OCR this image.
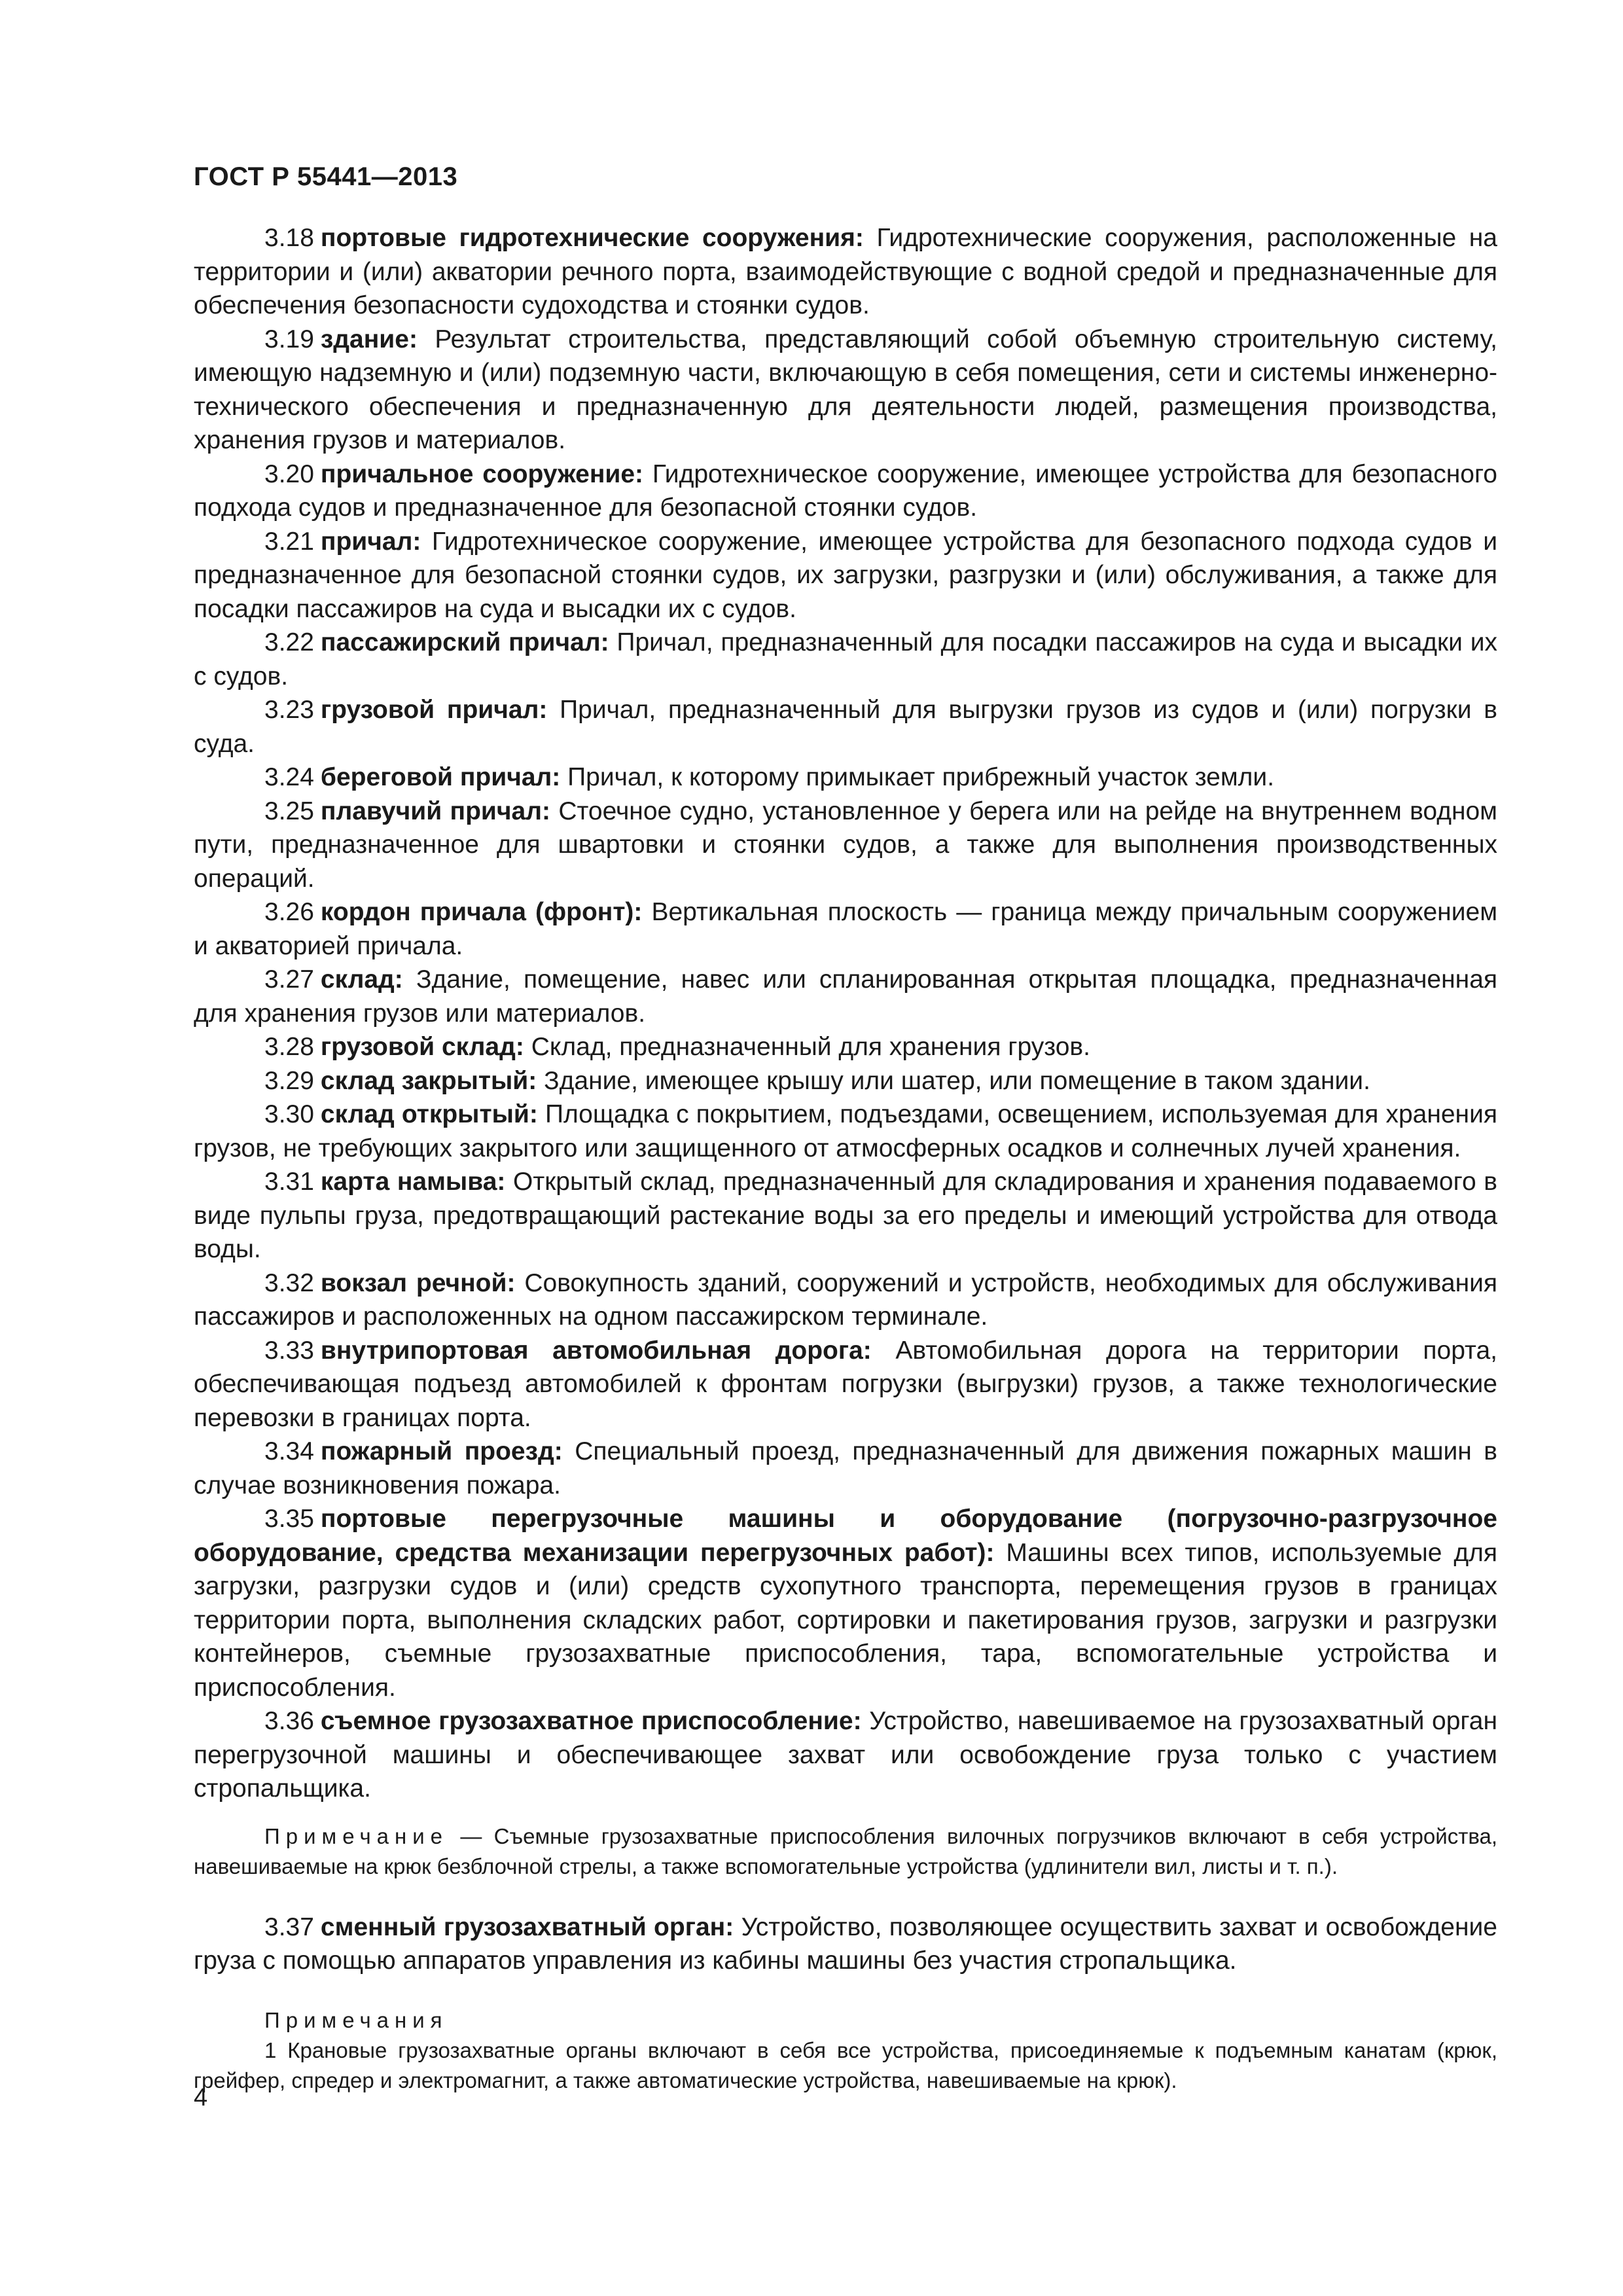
ГОСТ Р 55441—2013

3.18 портовые гидротехнические сооружения: Гидротехнические сооружения, расположенные на территории и (или) акватории речного порта, взаимодействующие с водной средой и предназначенные для обеспечения безопасности судоходства и стоянки судов.

3.19 здание: Результат строительства, представляющий собой объемную строительную систему, имеющую надземную и (или) подземную части, включающую в себя помещения, сети и системы инженерно-технического обеспечения и предназначенную для деятельности людей, размещения производства, хранения грузов и материалов.

3.20 причальное сооружение: Гидротехническое сооружение, имеющее устройства для безопасного подхода судов и предназначенное для безопасной стоянки судов.

3.21 причал: Гидротехническое сооружение, имеющее устройства для безопасного подхода судов и предназначенное для безопасной стоянки судов, их загрузки, разгрузки и (или) обслуживания, а также для посадки пассажиров на суда и высадки их с судов.

3.22 пассажирский причал: Причал, предназначенный для посадки пассажиров на суда и высадки их с судов.

3.23 грузовой причал: Причал, предназначенный для выгрузки грузов из судов и (или) погрузки в суда.

3.24 береговой причал: Причал, к которому примыкает прибрежный участок земли.

3.25 плавучий причал: Стоечное судно, установленное у берега или на рейде на внутреннем водном пути, предназначенное для швартовки и стоянки судов, а также для выполнения производственных операций.

3.26 кордон причала (фронт): Вертикальная плоскость — граница между причальным сооружением и акваторией причала.

3.27 склад: Здание, помещение, навес или спланированная открытая площадка, предназначенная для хранения грузов или материалов.

3.28 грузовой склад: Склад, предназначенный для хранения грузов.

3.29 склад закрытый: Здание, имеющее крышу или шатер, или помещение в таком здании.

3.30 склад открытый: Площадка с покрытием, подъездами, освещением, используемая для хранения грузов, не требующих закрытого или защищенного от атмосферных осадков и солнечных лучей хранения.

3.31 карта намыва: Открытый склад, предназначенный для складирования и хранения подаваемого в виде пульпы груза, предотвращающий растекание воды за его пределы и имеющий устройства для отвода воды.

3.32 вокзал речной: Совокупность зданий, сооружений и устройств, необходимых для обслуживания пассажиров и расположенных на одном пассажирском терминале.

3.33 внутрипортовая автомобильная дорога: Автомобильная дорога на территории порта, обеспечивающая подъезд автомобилей к фронтам погрузки (выгрузки) грузов, а также технологические перевозки в границах порта.

3.34 пожарный проезд: Специальный проезд, предназначенный для движения пожарных машин в случае возникновения пожара.

3.35 портовые перегрузочные машины и оборудование (погрузочно-разгрузочное оборудование, средства механизации перегрузочных работ): Машины всех типов, используемые для загрузки, разгрузки судов и (или) средств сухопутного транспорта, перемещения грузов в границах территории порта, выполнения складских работ, сортировки и пакетирования грузов, загрузки и разгрузки контейнеров, съемные грузозахватные приспособления, тара, вспомогательные устройства и приспособления.

3.36 съемное грузозахватное приспособление: Устройство, навешиваемое на грузозахватный орган перегрузочной машины и обеспечивающее захват или освобождение груза только с участием стропальщика.

Примечание — Съемные грузозахватные приспособления вилочных погрузчиков включают в себя устройства, навешиваемые на крюк безблочной стрелы, а также вспомогательные устройства (удлинители вил, листы и т. п.).

3.37 сменный грузозахватный орган: Устройство, позволяющее осуществить захват и освобождение груза с помощью аппаратов управления из кабины машины без участия стропальщика.

Примечания

1 Крановые грузозахватные органы включают в себя все устройства, присоединяемые к подъемным канатам (крюк, грейфер, спредер и электромагнит, а также автоматические устройства, навешиваемые на крюк).

4
